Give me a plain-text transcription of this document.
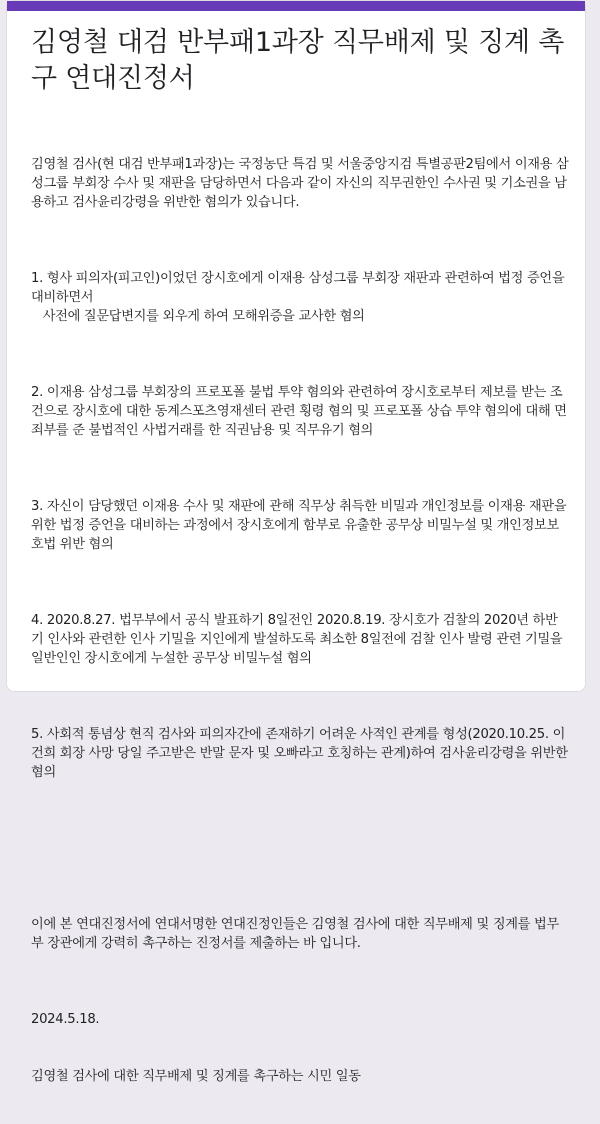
김영철 대검 반부패1과장 직무배제 및 징계 촉구 연대진정서

김영철 검사(현 대검 반부패1과장)는 국정농단 특검 및 서울중앙지검 특별공판2팀에서 이재용 삼성그룹 부회장 수사 및 재판을 담당하면서 다음과 같이 자신의 직무권한인 수사권 및 기소권을 남용하고 검사윤리강령을 위반한 혐의가 있습니다.

1. 형사 피의자(피고인)이었던 장시호에게 이재용 삼성그룹 부회장 재판과 관련하여 법정 증언을 대비하면서
사전에 질문답변지를 외우게 하여 모해위증을 교사한 혐의

2. 이재용 삼성그룹 부회장의 프로포폴 불법 투약 혐의와 관련하여 장시호로부터 제보를 받는 조건으로 장시호에 대한 동계스포츠영재센터 관련 횡령 혐의 및 프로포폴 상습 투약 혐의에 대해 면죄부를 준 불법적인 사법거래를 한 직권남용 및 직무유기 혐의

3. 자신이 담당했던 이재용 수사 및 재판에 관해 직무상 취득한 비밀과 개인정보를 이재용 재판을 위한 법정 증언을 대비하는 과정에서 장시호에게 함부로 유출한 공무상 비밀누설 및 개인정보보호법 위반 혐의

4. 2020.8.27. 법무부에서 공식 발표하기 8일전인 2020.8.19. 장시호가 검찰의 2020년 하반기 인사와 관련한 인사 기밀을 지인에게 발설하도록 최소한 8일전에 검찰 인사 발령 관련 기밀을 일반인인 장시호에게 누설한 공무상 비밀누설 혐의

5. 사회적 통념상 현직 검사와 피의자간에 존재하기 어려운 사적인 관계를 형성(2020.10.25. 이건희 회장 사망 당일 주고받은 반말 문자 및 오빠라고 호칭하는 관계)하여 검사윤리강령을 위반한 혐의

이에 본 연대진정서에 연대서명한 연대진정인들은 김영철 검사에 대한 직무배제 및 징계를 법무부 장관에게 강력히 촉구하는 진정서를 제출하는 바 입니다.

2024.5.18.

김영철 검사에 대한 직무배제 및 징계를 촉구하는 시민 일동
